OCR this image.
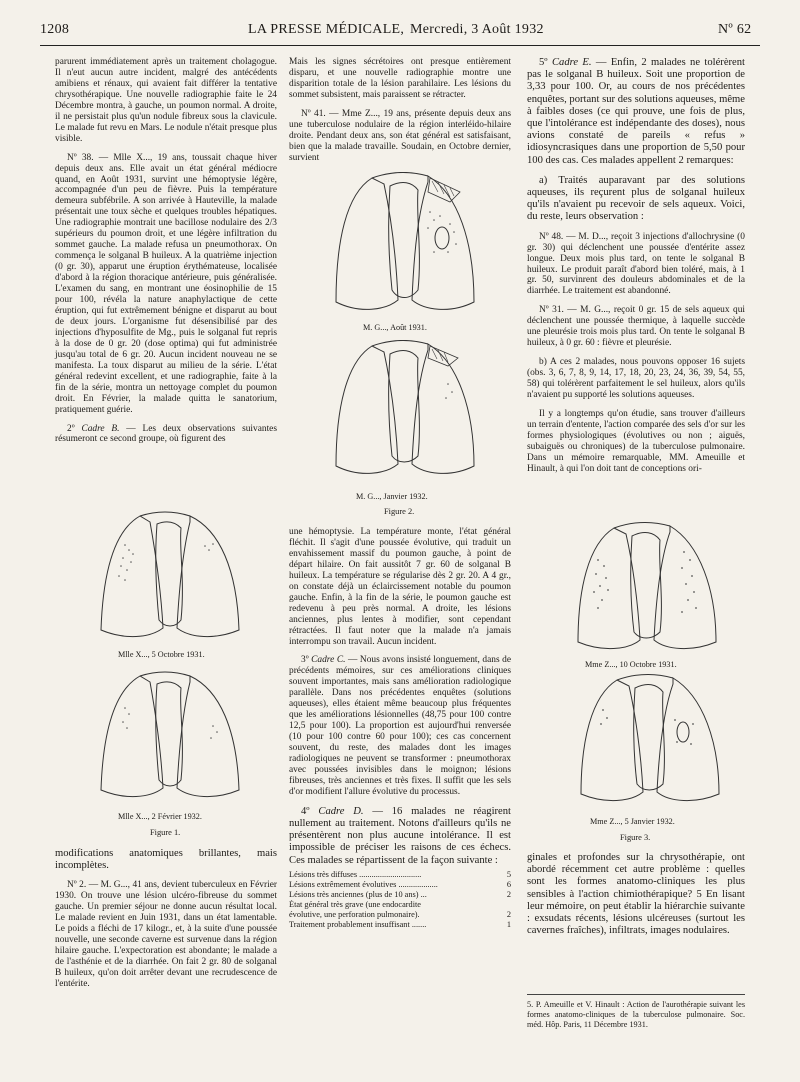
1208	LA PRESSE MÉDICALE, Mercredi, 3 Août 1932	Nº 62

parurent immédiatement après un traitement cholagogue. Il n'eut aucun autre incident, malgré des antécédents amibiens et rénaux, qui avaient fait différer la tentative chrysothérapique. Une nouvelle radiographie faite le 24 Décembre montra, à gauche, un poumon normal. A droite, il ne persistait plus qu'un nodule fibreux sous la clavicule. Le malade fut revu en Mars. Le nodule n'était presque plus visible.

Nº 38. — Mlle X..., 19 ans, toussait chaque hiver depuis deux ans. Elle avait un état général médiocre quand, en Août 1931, survint une hémoptysie légère, accompagnée d'un peu de fièvre. Puis la température demeura subfébrile. A son arrivée à Hauteville, la malade présentait une toux sèche et quelques troubles hépatiques. Une radiographie montrait une bacillose nodulaire des 2/3 supérieurs du poumon droit, et une légère infiltration du sommet gauche. La malade refusa un pneumothorax. On commença le solganal B huileux. A la quatrième injection (0 gr. 30), apparut une éruption érythémateuse, localisée d'abord à la région thoracique antérieure, puis généralisée. L'examen du sang, en montrant une éosinophilie de 15 pour 100, révéla la nature anaphylactique de cette éruption, qui fut extrêmement bénigne et disparut au bout de deux jours. L'organisme fut désensibilisé par des injections d'hyposulfite de Mg., puis le solganal fut repris à la dose de 0 gr. 20 (dose optima) qui fut administrée jusqu'au total de 6 gr. 20. Aucun incident nouveau ne se manifesta. La toux disparut au milieu de la série. L'état général redevint excellent, et une radiographie, faite à la fin de la série, montra un nettoyage complet du poumon droit. En Février, la malade quitta le sanatorium, pratiquement guérie.

2º Cadre B. — Les deux observations suivantes résumeront ce second groupe, où figurent des

Mlle X..., 5 Octobre 1931.
Mlle X..., 2 Février 1932.
Figure 1.

modifications anatomiques brillantes, mais incomplètes.

Nº 2. — M. G..., 41 ans, devient tuberculeux en Février 1930. On trouve une lésion ulcéro-fibreuse du sommet gauche. Un premier séjour ne donne aucun résultat local. Le malade revient en Juin 1931, dans un état lamentable. Le poids a fléchi de 17 kilogr., et, à la suite d'une poussée nouvelle, une seconde caverne est survenue dans la région hilaire gauche. L'expectoration est abondante; le malade a de l'asthénie et de la diarrhée. On fait 2 gr. 80 de solganal B huileux, qu'on doit arrêter devant une recrudescence de l'entérite.

Mais les signes sécrétoires ont presque entièrement disparu, et une nouvelle radiographie montre une disparition totale de la lésion parahilaire. Les lésions du sommet subsistent, mais paraissent se rétracter.

Nº 41. — Mme Z..., 19 ans, présente depuis deux ans une tuberculose nodulaire de la région interléido-hilaire droite. Pendant deux ans, son état général est satisfaisant, bien que la malade travaille. Soudain, en Octobre dernier, survient

M. G..., Août 1931.
M. G..., Janvier 1932.
Figure 2.

une hémoptysie. La température monte, l'état général fléchit. Il s'agit d'une poussée évolutive, qui traduit un envahissement massif du poumon gauche, à point de départ hilaire. On fait aussitôt 7 gr. 60 de solganal B huileux. La température se régularise dès 2 gr. 20. A 4 gr., on constate déjà un éclaircissement notable du poumon gauche. Enfin, à la fin de la série, le poumon gauche est redevenu à peu près normal. A droite, les lésions anciennes, plus lentes à modifier, sont cependant rétractées. Il faut noter que la malade n'a jamais interrompu son travail. Aucun incident.

3º Cadre C. — Nous avons insisté longuement, dans de précédents mémoires, sur ces améliorations cliniques souvent importantes, mais sans amélioration radiologique parallèle. Dans nos précédentes enquêtes (solutions aqueuses), elles étaient même beaucoup plus fréquentes que les améliorations lésionnelles (48,75 pour 100 contre 12,5 pour 100). La proportion est aujourd'hui renversée (10 pour 100 contre 60 pour 100); ces cas concernent souvent, du reste, des malades dont les images radiologiques ne peuvent se transformer : pneumothorax avec poussées invisibles dans le moignon; lésions fibreuses, très anciennes et très fixes. Il suffit que les sels d'or modifient l'allure évolutive du processus.

4º Cadre D. — 16 malades ne réagirent nullement au traitement. Notons d'ailleurs qu'ils ne présentèrent non plus aucune intolérance. Il est impossible de préciser les raisons de ces échecs. Ces malades se répartissent de la façon suivante :

Lésions très diffuses ..............................	5
Lésions extrêmement évolutives ...................	6
Lésions très anciennes (plus de 10 ans) ...	2
État général très grave (une endocardite
évolutive, une perforation pulmonaire).	2
Traitement probablement insuffisant .......	1

5º Cadre E. — Enfin, 2 malades ne tolérèrent pas le solganal B huileux. Soit une proportion de 3,33 pour 100. Or, au cours de nos précédentes enquêtes, portant sur des solutions aqueuses, même à faibles doses (ce qui prouve, une fois de plus, que l'intolérance est indépendante des doses), nous avions constaté de pareils « refus » idiosyncrasiques dans une proportion de 5,50 pour 100 des cas. Ces malades appellent 2 remarques:

a) Traités auparavant par des solutions aqueuses, ils reçurent plus de solganal huileux qu'ils n'avaient pu recevoir de sels aqueux. Voici, du reste, leurs observation :

Nº 48. — M. D..., reçoit 3 injections d'allochrysine (0 gr. 30) qui déclenchent une poussée d'entérite assez longue. Deux mois plus tard, on tente le solganal B huileux. Le produit paraît d'abord bien toléré, mais, à 1 gr. 50, survinrent des douleurs abdominales et de la diarrhée. Le traitement est abandonné.

Nº 31. — M. G..., reçoit 0 gr. 15 de sels aqueux qui déclenchent une poussée thermique, à laquelle succède une pleurésie trois mois plus tard. On tente le solganal B huileux, à 0 gr. 60 : fièvre et pleurésie.

b) A ces 2 malades, nous pouvons opposer 16 sujets (obs. 3, 6, 7, 8, 9, 14, 17, 18, 20, 23, 24, 36, 39, 54, 55, 58) qui tolérèrent parfaitement le sel huileux, alors qu'ils n'avaient pu supporté les solutions aqueuses.

Il y a longtemps qu'on étudie, sans trouver d'ailleurs un terrain d'entente, l'action comparée des sels d'or sur les formes physiologiques (évolutives ou non ; aiguës, subaiguës ou chroniques) de la tuberculose pulmonaire. Dans un mémoire remarquable, MM. Ameuille et Hinault, à qui l'on doit tant de conceptions ori-

Mme Z..., 10 Octobre 1931.
Mme Z..., 5 Janvier 1932.
Figure 3.

ginales et profondes sur la chrysothérapie, ont abordé récemment cet autre problème : quelles sont les formes anatomo-cliniques les plus sensibles à l'action chimiothérapique? 5 En lisant leur mémoire, on peut établir la hiérarchie suivante : exsudats récents, lésions ulcéreuses (surtout les cavernes fraîches), infiltrats, images nodulaires.

5. P. Ameuille et V. Hinault : Action de l'aurothérapie suivant les formes anatomo-cliniques de la tuberculose pulmonaire. Soc. méd. Hôp. Paris, 11 Décembre 1931.
